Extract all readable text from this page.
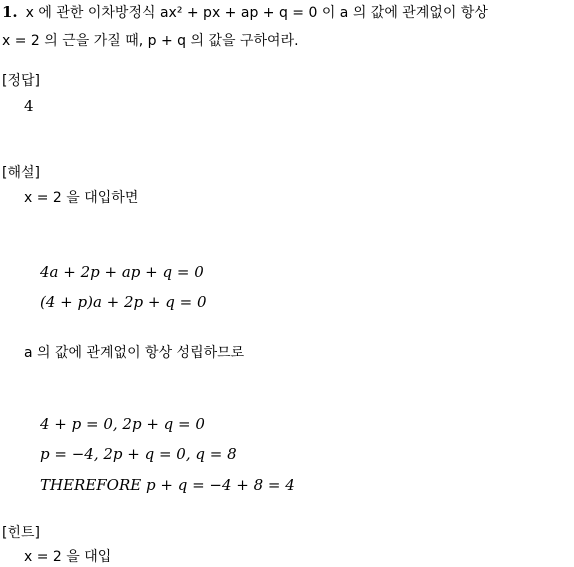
1. x 에 관한 이차방정식 ax² + px + ap + q = 0 이 a 의 값에 관계없이 항상
x = 2 의 근을 가질 때, p + q 의 값을 구하여라.
[정답]
4
[해설]
x = 2 을 대입하면
4a + 2p + ap + q = 0
(4 + p)a + 2p + q = 0
a 의 값에 관계없이 항상 성립하므로
4 + p = 0, 2p + q = 0
p = −4, 2p + q = 0, q = 8
THEREFORE p + q = −4 + 8 = 4
[힌트]
x = 2 을 대입
